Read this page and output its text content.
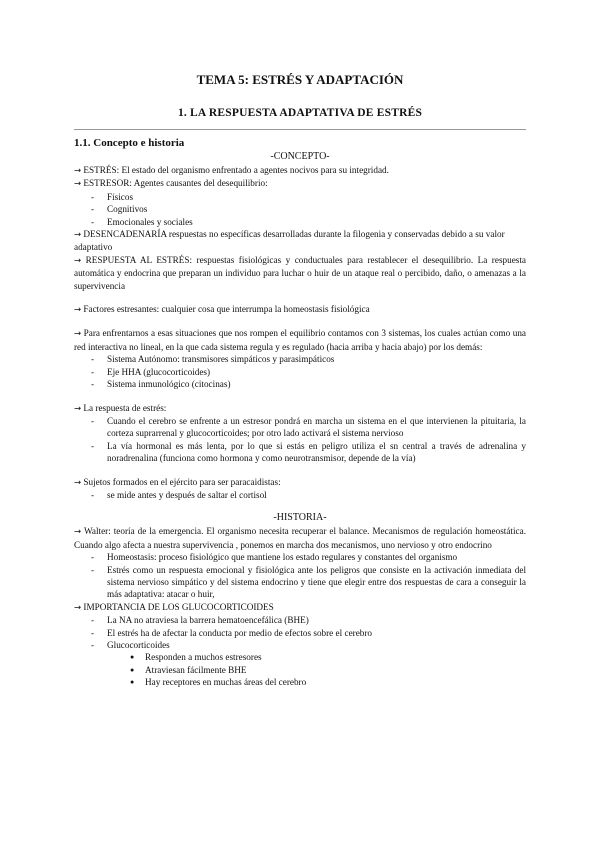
TEMA 5: ESTRÉS Y ADAPTACIÓN
1. LA RESPUESTA ADAPTATIVA DE ESTRÉS

1.1. Concepto e historia

-CONCEPTO-

→ ESTRÉS: El estado del organismo enfrentado a agentes nocivos para su integridad.

→ ESTRESOR: Agentes causantes del desequilibrio:

- Físicos
- Cognitivos
- Emocionales y sociales

→ DESENCADENARÍA respuestas no específicas desarrolladas durante la filogenia y conservadas debido a su valor adaptativo

→ RESPUESTA AL ESTRÉS: respuestas fisiológicas y conductuales para restablecer el desequilibrio. La respuesta automática y endocrina que preparan un individuo para luchar o huir de un ataque real o percibido, daño, o amenazas a la supervivencia

→ Factores estresantes: cualquier cosa que interrumpa la homeostasis fisiológica

→ Para enfrentarnos a esas situaciones que nos rompen el equilibrio contamos con 3 sistemas, los cuales actúan como una red interactiva no lineal, en la que cada sistema regula y es regulado (hacia arriba y hacia abajo) por los demás:

- Sistema Autónomo: transmisores simpáticos y parasimpáticos
- Eje HHA (glucocorticoides)
- Sistema inmunológico (citocinas)

→ La respuesta de estrés:

- Cuando el cerebro se enfrente a un estresor pondrá en marcha un sistema en el que intervienen la pituitaria, la corteza suprarrenal y glucocorticoides; por otro lado activará el sistema nervioso
- La vía hormonal es más lenta, por lo que si estás en peligro utiliza el sn central a través de adrenalina y noradrenalina (funciona como hormona y como neurotransmisor, depende de la vía)

→ Sujetos formados en el ejército para ser paracaidistas:

- se mide antes y después de saltar el cortisol

-HISTORIA-

→ Walter: teoría de la emergencia. El organismo necesita recuperar el balance. Mecanismos de regulación homeostática. Cuando algo afecta a nuestra supervivencia , ponemos en marcha dos mecanismos, uno nervioso y otro endocrino

- Homeostasis: proceso fisiológico que mantiene los estado regulares y constantes del organismo
- Estrés como un respuesta emocional y fisiológica ante los peligros que consiste en la activación inmediata del sistema nervioso simpático y del sistema endocrino y tiene que elegir entre dos respuestas de cara a conseguir la más adaptativa: atacar o huir,

→ IMPORTANCIA DE LOS GLUCOCORTICOIDES

- La NA no atraviesa la barrera hematoencefálica (BHE)
- El estrés ha de afectar la conducta por medio de efectos sobre el cerebro
- Glucocorticoides
● Responden a muchos estresores
● Atraviesan fácilmente BHE
● Hay receptores en muchas áreas del cerebro
